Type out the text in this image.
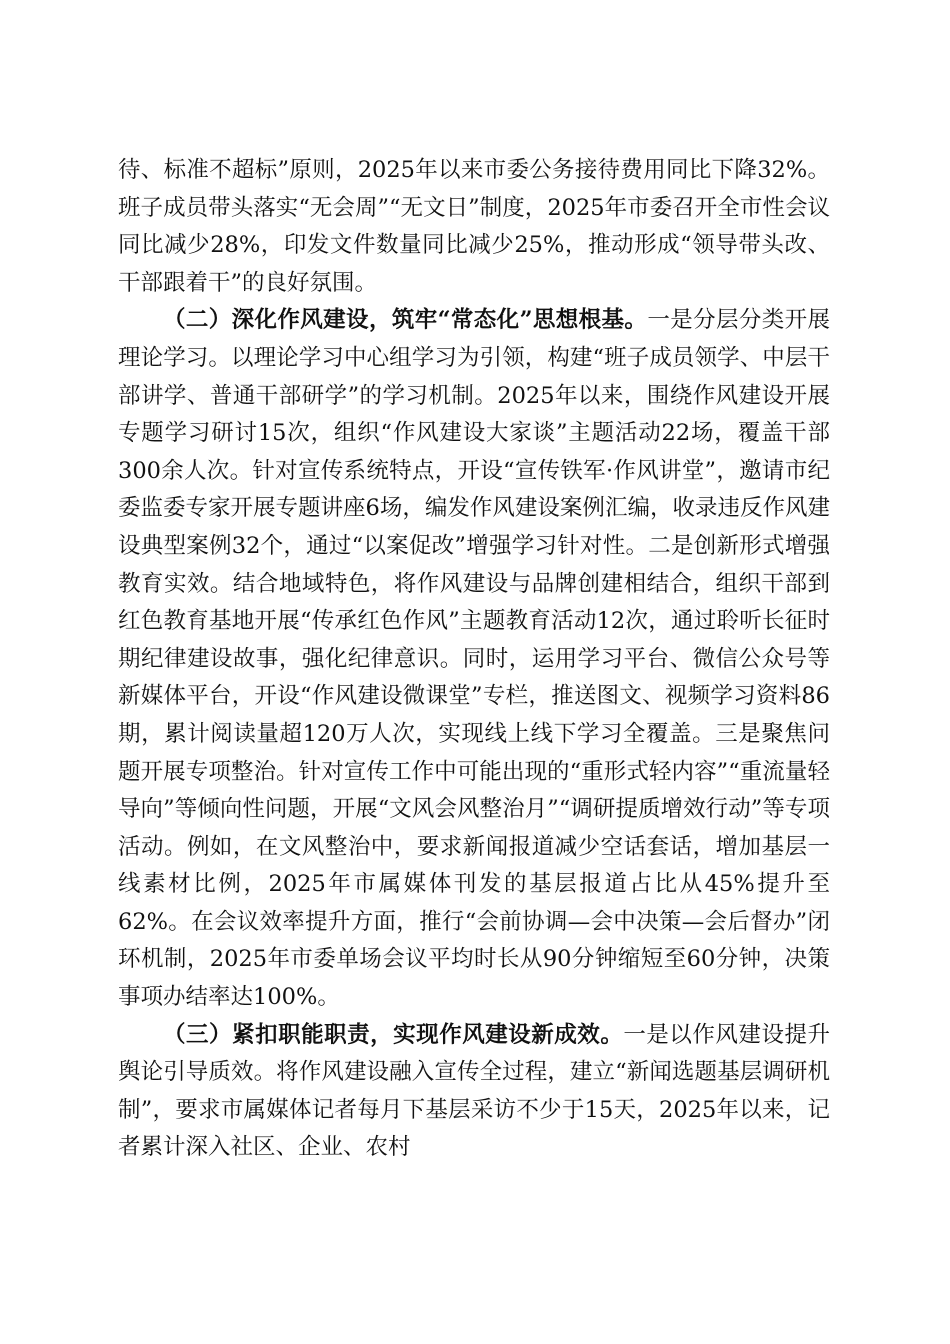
待、标准不超标”原则，2025年以来市委公务接待费用同比下降32%。班子成员带头落实“无会周”“无文日”制度，2025年市委召开全市性会议同比减少28%，印发文件数量同比减少25%，推动形成“领导带头改、干部跟着干”的良好氛围。

（二）深化作风建设，筑牢“常态化”思想根基。一是分层分类开展理论学习。以理论学习中心组学习为引领，构建“班子成员领学、中层干部讲学、普通干部研学”的学习机制。2025年以来，围绕作风建设开展专题学习研讨15次，组织“作风建设大家谈”主题活动22场，覆盖干部300余人次。针对宣传系统特点，开设“宣传铁军·作风讲堂”，邀请市纪委监委专家开展专题讲座6场，编发作风建设案例汇编，收录违反作风建设典型案例32个，通过“以案促改”增强学习针对性。二是创新形式增强教育实效。结合地域特色，将作风建设与品牌创建相结合，组织干部到红色教育基地开展“传承红色作风”主题教育活动12次，通过聆听长征时期纪律建设故事，强化纪律意识。同时，运用学习平台、微信公众号等新媒体平台，开设“作风建设微课堂”专栏，推送图文、视频学习资料86期，累计阅读量超120万人次，实现线上线下学习全覆盖。三是聚焦问题开展专项整治。针对宣传工作中可能出现的“重形式轻内容”“重流量轻导向”等倾向性问题，开展“文风会风整治月”“调研提质增效行动”等专项活动。例如，在文风整治中，要求新闻报道减少空话套话，增加基层一线素材比例，2025年市属媒体刊发的基层报道占比从45%提升至62%。在会议效率提升方面，推行“会前协调—会中决策—会后督办”闭环机制，2025年市委单场会议平均时长从90分钟缩短至60分钟，决策事项办结率达100%。

（三）紧扣职能职责，实现作风建设新成效。一是以作风建设提升舆论引导质效。将作风建设融入宣传全过程，建立“新闻选题基层调研机制”，要求市属媒体记者每月下基层采访不少于15天，2025年以来，记者累计深入社区、企业、农村
